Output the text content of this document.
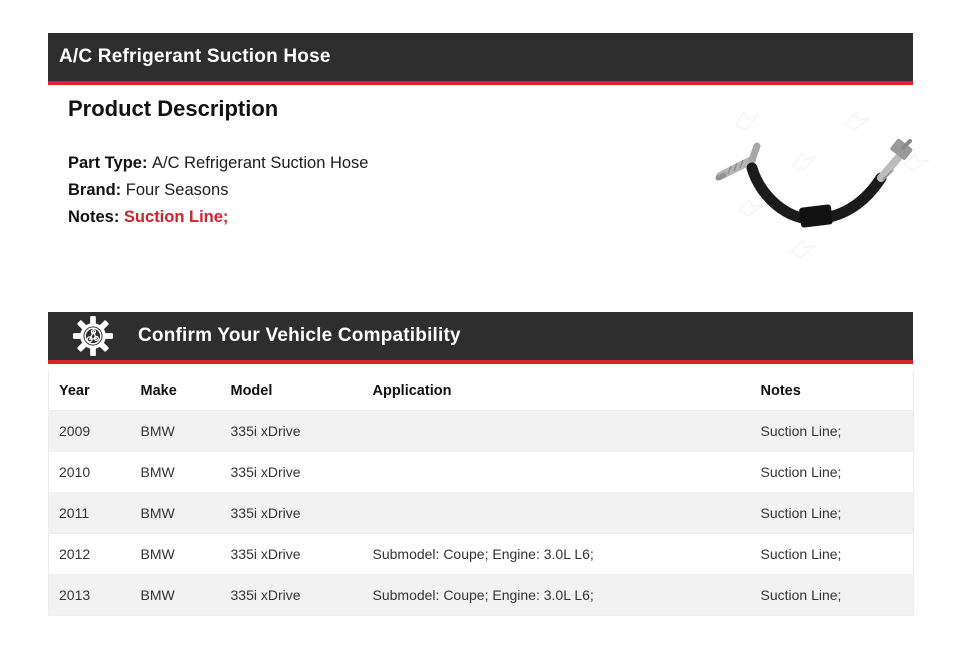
A/C Refrigerant Suction Hose
Product Description
Part Type: A/C Refrigerant Suction Hose
Brand: Four Seasons
Notes: Suction Line;
Confirm Your Vehicle Compatibility
Year	Make	Model	Application	Notes
2009	BMW	335i xDrive		Suction Line;
2010	BMW	335i xDrive		Suction Line;
2011	BMW	335i xDrive		Suction Line;
2012	BMW	335i xDrive	Submodel: Coupe; Engine: 3.0L L6;	Suction Line;
2013	BMW	335i xDrive	Submodel: Coupe; Engine: 3.0L L6;	Suction Line;
